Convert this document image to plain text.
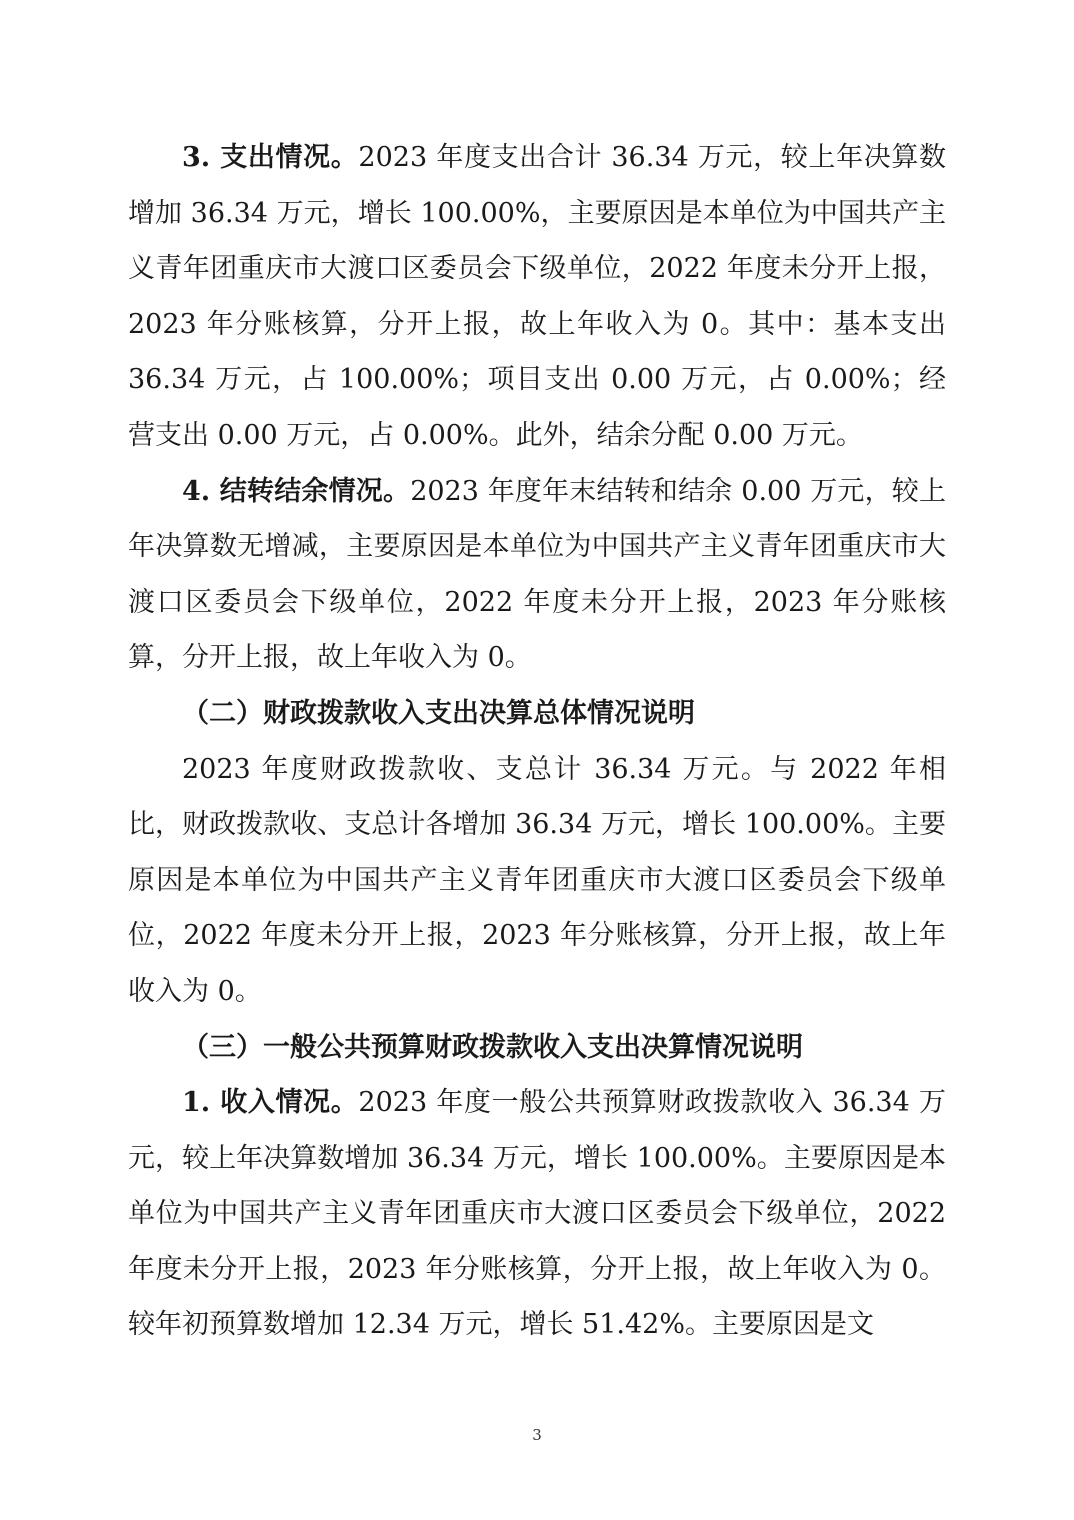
3. 支出情况。2023 年度支出合计 36.34 万元，较上年决算数增加 36.34 万元，增长 100.00%，主要原因是本单位为中国共产主义青年团重庆市大渡口区委员会下级单位，2022 年度未分开上报，2023 年分账核算，分开上报，故上年收入为 0。其中：基本支出 36.34 万元，占 100.00%；项目支出 0.00 万元，占 0.00%；经营支出 0.00 万元，占 0.00%。此外，结余分配 0.00 万元。

4. 结转结余情况。2023 年度年末结转和结余 0.00 万元，较上年决算数无增减，主要原因是本单位为中国共产主义青年团重庆市大渡口区委员会下级单位，2022 年度未分开上报，2023 年分账核算，分开上报，故上年收入为 0。

（二）财政拨款收入支出决算总体情况说明

2023 年度财政拨款收、支总计 36.34 万元。与 2022 年相比，财政拨款收、支总计各增加 36.34 万元，增长 100.00%。主要原因是本单位为中国共产主义青年团重庆市大渡口区委员会下级单位，2022 年度未分开上报，2023 年分账核算，分开上报，故上年收入为 0。

（三）一般公共预算财政拨款收入支出决算情况说明

1. 收入情况。2023 年度一般公共预算财政拨款收入 36.34 万元，较上年决算数增加 36.34 万元，增长 100.00%。主要原因是本单位为中国共产主义青年团重庆市大渡口区委员会下级单位，2022 年度未分开上报，2023 年分账核算，分开上报，故上年收入为 0。较年初预算数增加 12.34 万元，增长 51.42%。主要原因是文

3
